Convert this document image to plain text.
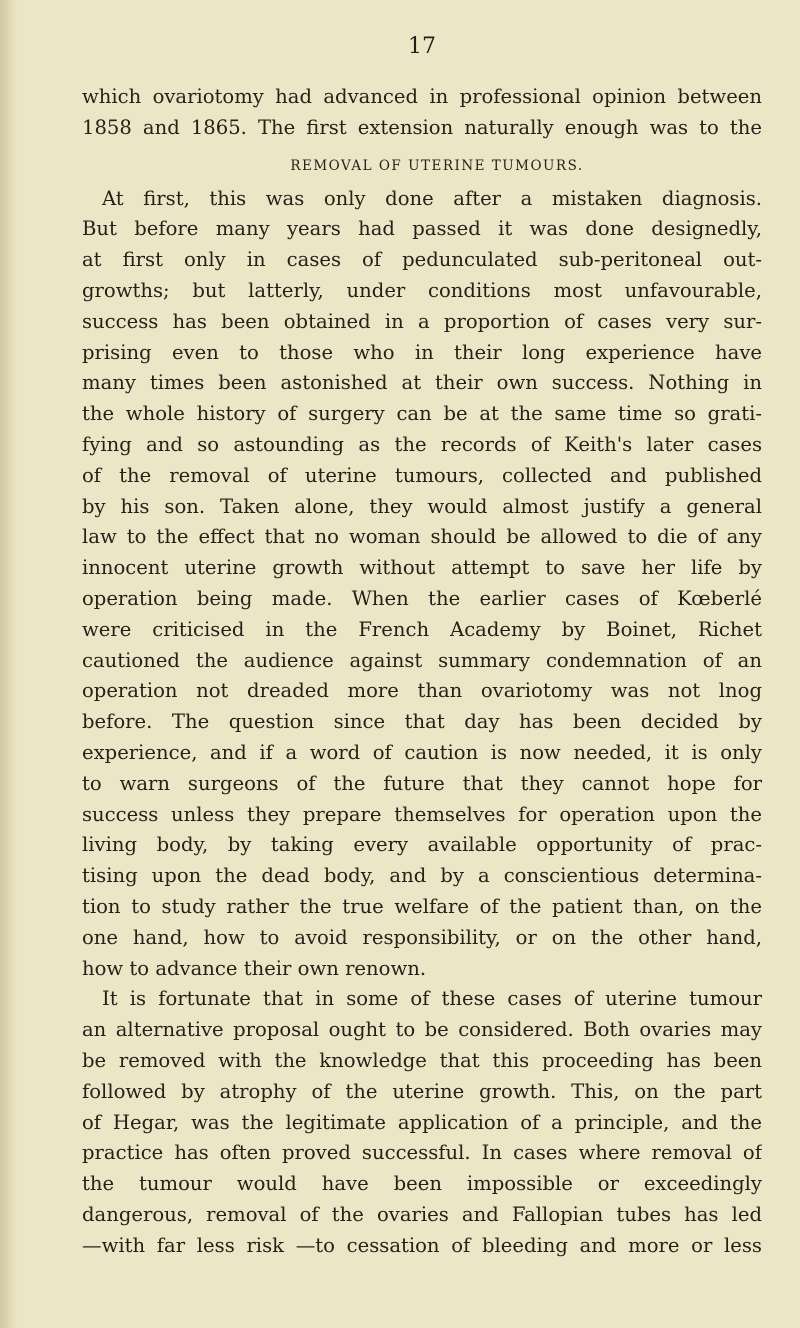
17
which ovariotomy had advanced in professional opinion between
1858 and 1865. The first extension naturally enough was to the
REMOVAL OF UTERINE TUMOURS.
At first, this was only done after a mistaken diagnosis.
But before many years had passed it was done designedly,
at first only in cases of pedunculated sub-peritoneal out-
growths; but latterly, under conditions most unfavourable,
success has been obtained in a proportion of cases very sur-
prising even to those who in their long experience have
many times been astonished at their own success. Nothing in
the whole history of surgery can be at the same time so grati-
fying and so astounding as the records of Keith's later cases
of the removal of uterine tumours, collected and published
by his son. Taken alone, they would almost justify a general
law to the effect that no woman should be allowed to die of any
innocent uterine growth without attempt to save her life by
operation being made. When the earlier cases of Kœberlé
were criticised in the French Academy by Boinet, Richet
cautioned the audience against summary condemnation of an
operation not dreaded more than ovariotomy was not lnog
before. The question since that day has been decided by
experience, and if a word of caution is now needed, it is only
to warn surgeons of the future that they cannot hope for
success unless they prepare themselves for operation upon the
living body, by taking every available opportunity of prac-
tising upon the dead body, and by a conscientious determina-
tion to study rather the true welfare of the patient than, on the
one hand, how to avoid responsibility, or on the other hand,
how to advance their own renown.
It is fortunate that in some of these cases of uterine tumour
an alternative proposal ought to be considered. Both ovaries may
be removed with the knowledge that this proceeding has been
followed by atrophy of the uterine growth. This, on the part
of Hegar, was the legitimate application of a principle, and the
practice has often proved successful. In cases where removal of
the tumour would have been impossible or exceedingly
dangerous, removal of the ovaries and Fallopian tubes has led
—with far less risk —to cessation of bleeding and more or less
